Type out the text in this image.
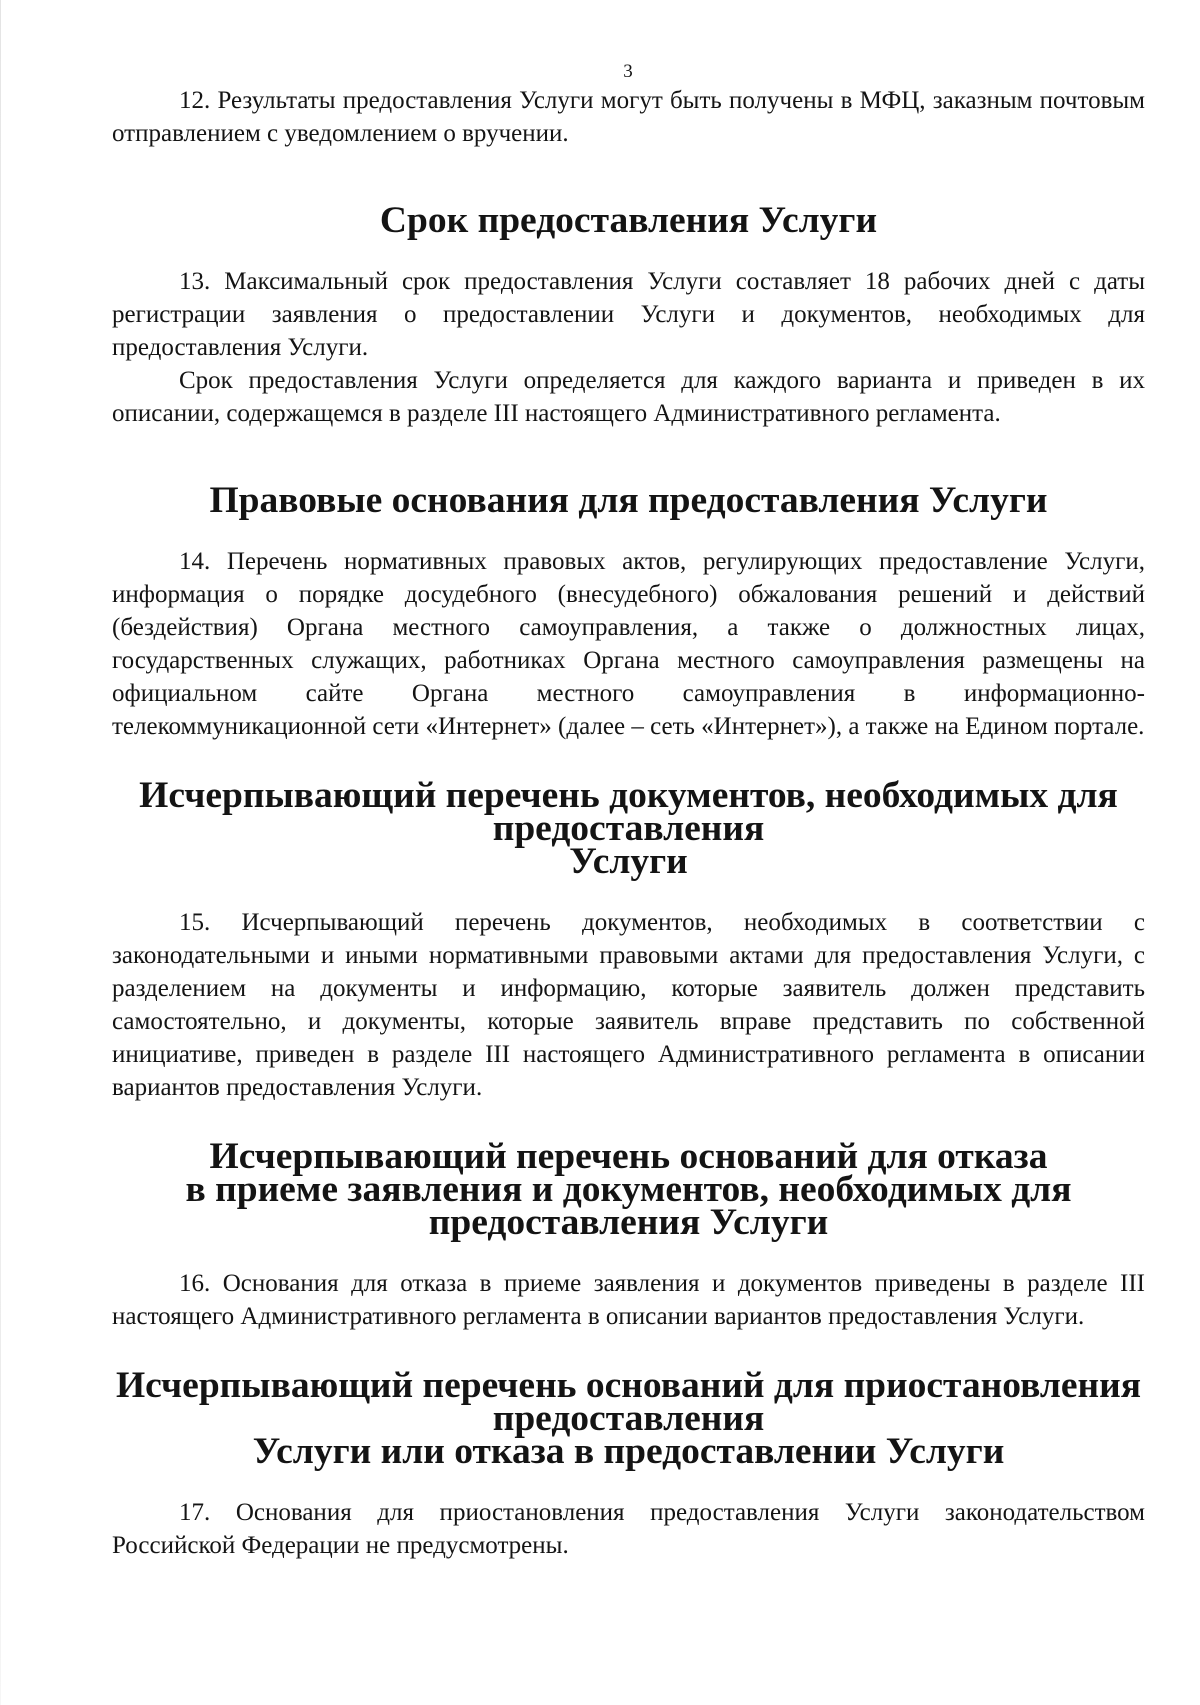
3

12. Результаты предоставления Услуги могут быть получены в МФЦ, заказным почтовым отправлением с уведомлением о вручении.

Срок предоставления Услуги

13. Максимальный срок предоставления Услуги составляет 18 рабочих дней с даты регистрации заявления о предоставлении Услуги и документов, необходимых для предоставления Услуги.

Срок предоставления Услуги определяется для каждого варианта и приведен в их описании, содержащемся в разделе III настоящего Административного регламента.

Правовые основания для предоставления Услуги

14. Перечень нормативных правовых актов, регулирующих предоставление Услуги, информация о порядке досудебного (внесудебного) обжалования решений и действий (бездействия) Органа местного самоуправления, а также о должностных лицах, государственных служащих, работниках Органа местного самоуправления размещены на официальном сайте Органа местного самоуправления в информационно-телекоммуникационной сети «Интернет» (далее – сеть «Интернет»), а также на Едином портале.

Исчерпывающий перечень документов, необходимых для предоставления
Услуги

15. Исчерпывающий перечень документов, необходимых в соответствии с законодательными и иными нормативными правовыми актами для предоставления Услуги, с разделением на документы и информацию, которые заявитель должен представить самостоятельно, и документы, которые заявитель вправе представить по собственной инициативе, приведен в разделе III настоящего Административного регламента в описании вариантов предоставления Услуги.

Исчерпывающий перечень оснований для отказа
в приеме заявления и документов, необходимых для предоставления Услуги

16. Основания для отказа в приеме заявления и документов приведены в разделе III настоящего Административного регламента в описании вариантов предоставления Услуги.

Исчерпывающий перечень оснований для приостановления предоставления
Услуги или отказа в предоставлении Услуги

17. Основания для приостановления предоставления Услуги законодательством Российской Федерации не предусмотрены.
